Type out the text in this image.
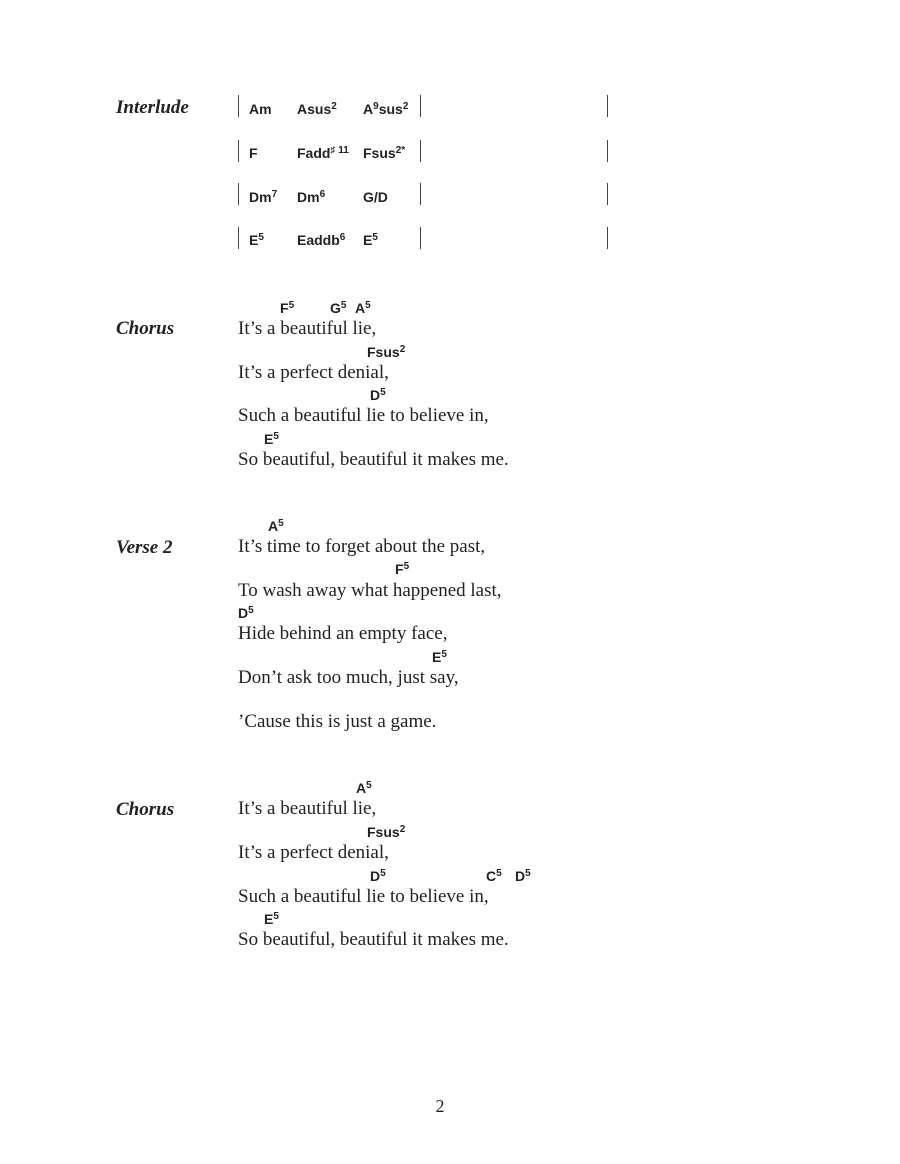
Interlude	Am Asus$^2$ $A^9sus^2$
F	Fadd$^{♯ 11}$ Fsus$^{2*}$
Dm$^7$ Dm$^6$	G/D
$E^5$ Eaddb$^6$ $E^5$
Chorus
$F^5$	$G^5$ $A^5$
It’s a beautiful lie,
Fsus$^2$
It’s a perfect denial,
$D^5$
Such a beautiful lie to believe in,
$E^5$
So beautiful, beautiful it makes me.
Verse 2
$A^5$
It’s time to forget about the past,
$F^5$
To wash away what happened last,
$D^5$
Hide behind an empty face,
$E^5$
Don’t ask too much, just say,
’Cause this is just a game.
Chorus
$A^5$
It’s a beautiful lie,
Fsus$^2$
It’s a perfect denial,
$D^5$	$C^5$ $D^5$
Such a beautiful lie to believe in,
$E^5$
So beautiful, beautiful it makes me.
2
